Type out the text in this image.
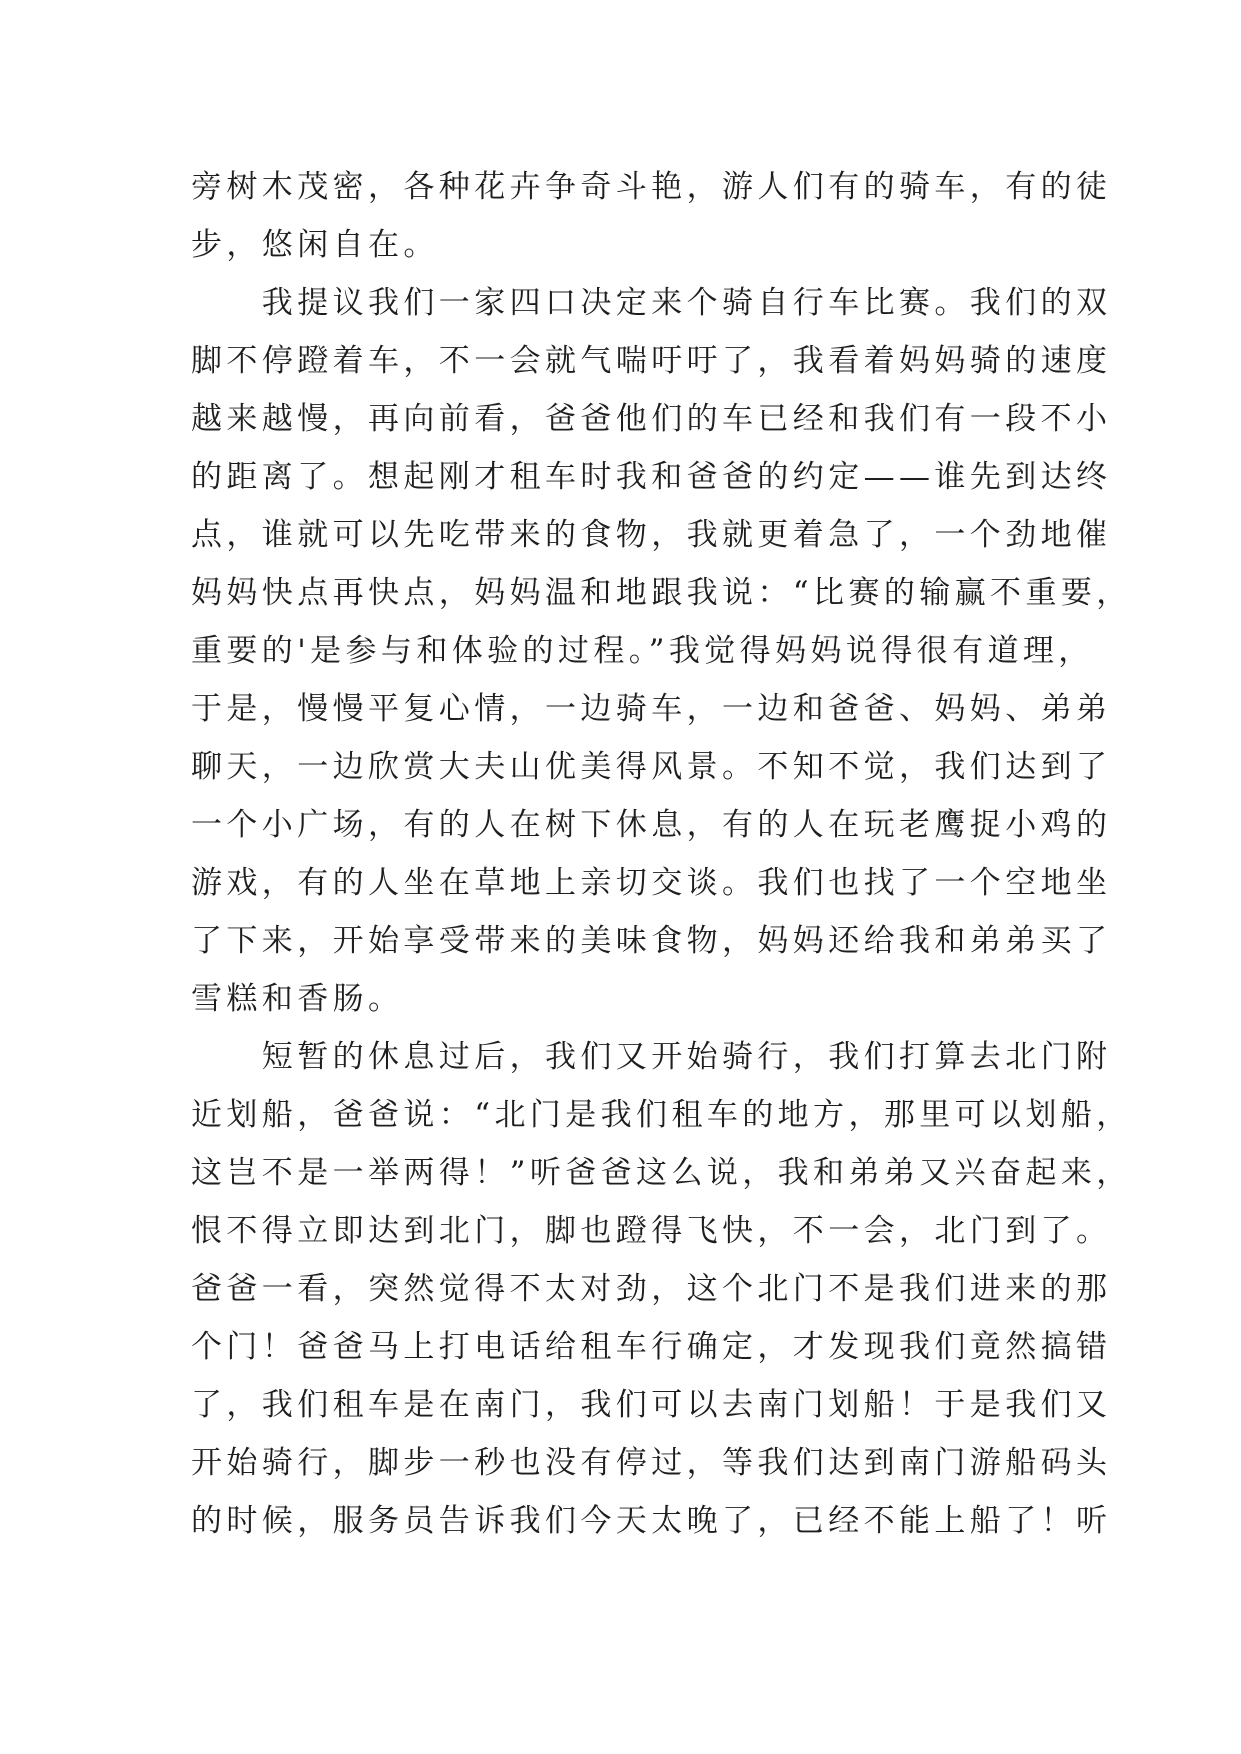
旁树木茂密，各种花卉争奇斗艳，游人们有的骑车，有的徒
步，悠闲自在。
　　我提议我们一家四口决定来个骑自行车比赛。我们的双
脚不停蹬着车，不一会就气喘吁吁了，我看着妈妈骑的速度
越来越慢，再向前看，爸爸他们的车已经和我们有一段不小
的距离了。想起刚才租车时我和爸爸的约定——谁先到达终
点，谁就可以先吃带来的食物，我就更着急了，一个劲地催
妈妈快点再快点，妈妈温和地跟我说：“比赛的输赢不重要，
重要的'是参与和体验的过程。”我觉得妈妈说得很有道理，
于是，慢慢平复心情，一边骑车，一边和爸爸、妈妈、弟弟
聊天，一边欣赏大夫山优美得风景。不知不觉，我们达到了
一个小广场，有的人在树下休息，有的人在玩老鹰捉小鸡的
游戏，有的人坐在草地上亲切交谈。我们也找了一个空地坐
了下来，开始享受带来的美味食物，妈妈还给我和弟弟买了
雪糕和香肠。
　　短暂的休息过后，我们又开始骑行，我们打算去北门附
近划船，爸爸说：“北门是我们租车的地方，那里可以划船，
这岂不是一举两得！”听爸爸这么说，我和弟弟又兴奋起来，
恨不得立即达到北门，脚也蹬得飞快，不一会，北门到了。
爸爸一看，突然觉得不太对劲，这个北门不是我们进来的那
个门！爸爸马上打电话给租车行确定，才发现我们竟然搞错
了，我们租车是在南门，我们可以去南门划船！于是我们又
开始骑行，脚步一秒也没有停过，等我们达到南门游船码头
的时候，服务员告诉我们今天太晚了，已经不能上船了！听
